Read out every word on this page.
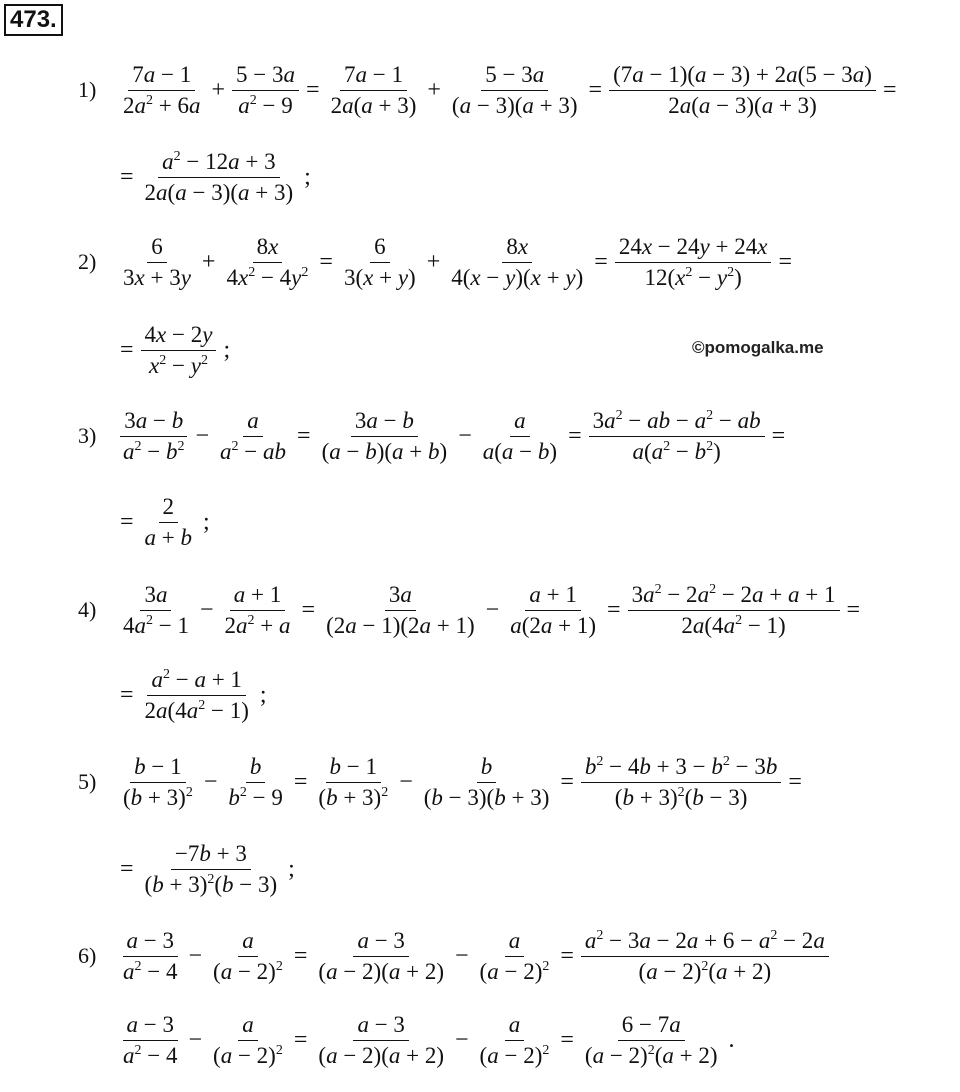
473.
©pomogalka.me
$1) \frac{7a - 1}{2a^2 + 6a} + \frac{5 - 3a}{a^2 - 9} = \frac{7a - 1}{2a(a + 3)} + \frac{5 - 3a}{(a - 3)(a + 3)} = \frac{(7a - 1)(a - 3) + 2a(5 - 3a)}{2a(a - 3)(a + 3)}$ =
= $\frac{a^2 - 12a + 3}{2a(a - 3)(a + 3)}$ ;
$2) \frac{6}{3x + 3y} + \frac{8x}{4x^2 - 4y^2} = \frac{6}{3(x + y)} + \frac{8x}{4(x - y)(x + y)} = \frac{24x - 24y + 24x}{12(x^2 - y^2)}$ =
= $\frac{4x - 2y}{x^2 - y^2}$ ;
$3) \frac{3a - b}{a^2 - b^2} - \frac{a}{a^2 - ab} = \frac{3a - b}{(a - b)(a + b)} - \frac{a}{a(a - b)} = \frac{3a^2 - ab - a^2 - ab}{a(a^2 - b^2)}$ =
= $\frac{2}{a + b}$ ;
$4) \frac{3a}{4a^2 - 1} - \frac{a + 1}{2a^2 + a} = \frac{3a}{(2a - 1)(2a + 1)} - \frac{a + 1}{a(2a + 1)} = \frac{3a^2 - 2a^2 - 2a + a + 1}{2a(4a^2 - 1)}$ =
= $\frac{a^2 - a + 1}{2a(4a^2 - 1)}$ ;
$5) \frac{b - 1}{(b + 3)^2} - \frac{b}{b^2 - 9} = \frac{b - 1}{(b + 3)^2} - \frac{b}{(b - 3)(b + 3)} = \frac{b^2 - 4b + 3 - b^2 - 3b}{(b + 3)^2(b - 3)}$ =
= $\frac{-7b + 3}{(b + 3)^2(b - 3)}$ ;
$6) \frac{a - 3}{a^2 - 4} - \frac{a}{(a - 2)^2} = \frac{a - 3}{(a - 2)(a + 2)} - \frac{a}{(a - 2)^2} = \frac{a^2 - 3a - 2a + 6 - a^2 - 2a}{(a - 2)^2(a + 2)}$
$\frac{a - 3}{a^2 - 4} - \frac{a}{(a - 2)^2} = \frac{a - 3}{(a - 2)(a + 2)} - \frac{a}{(a - 2)^2} = \frac{6 - 7a}{(a - 2)^2(a + 2)}$ .
